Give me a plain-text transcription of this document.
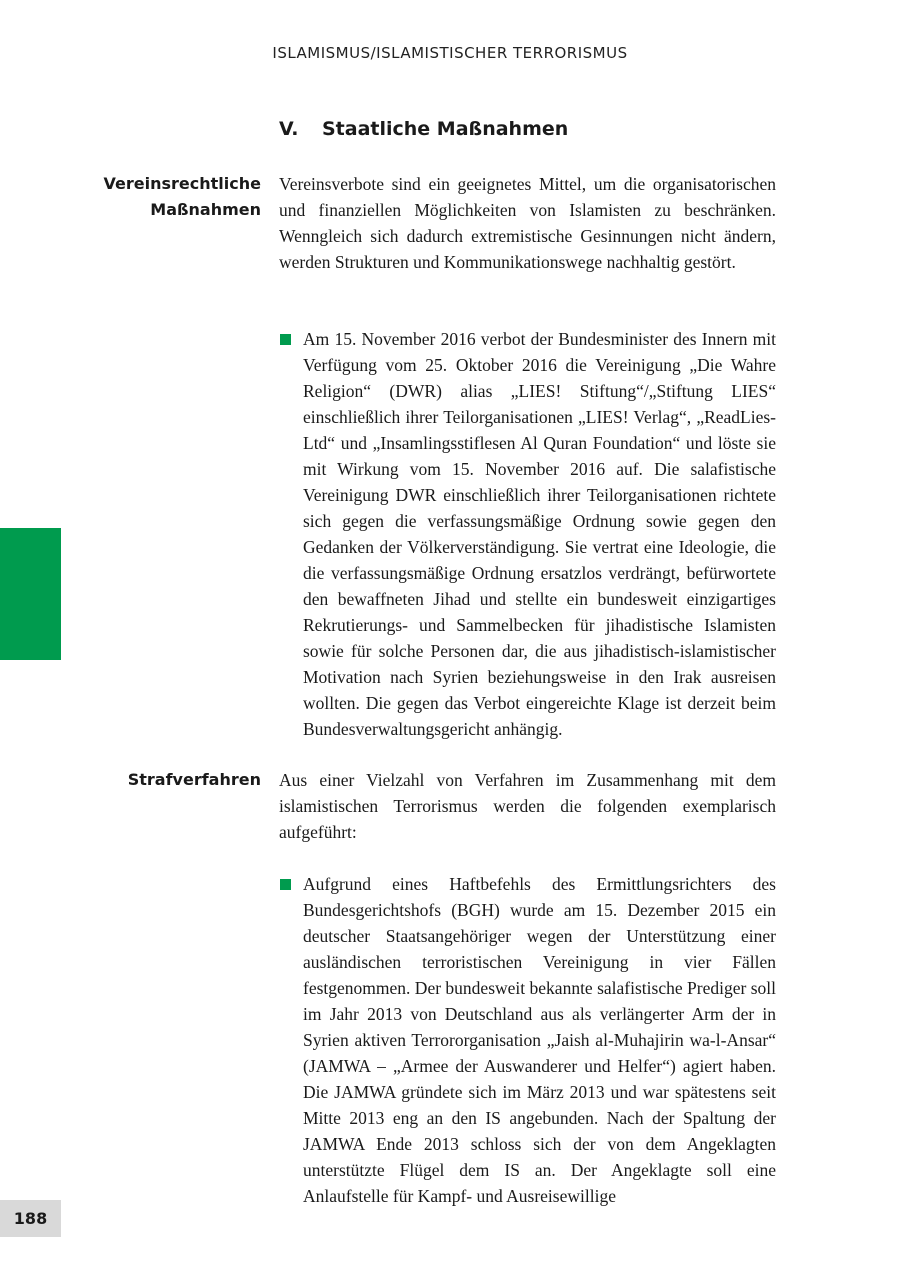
ISLAMISMUS/ISLAMISTISCHER TERRORISMUS
V. Staatliche Maßnahmen
Vereinsrechtliche
Maßnahmen

Vereinsverbote sind ein geeignetes Mittel, um die organisatorischen und finanziellen Möglichkeiten von Islamisten zu beschränken. Wenngleich sich dadurch extremistische Gesinnungen nicht ändern, werden Strukturen und Kommunikationswege nachhaltig gestört.

Am 15. November 2016 verbot der Bundesminister des Innern mit Verfügung vom 25. Oktober 2016 die Vereinigung „Die Wahre Religion“ (DWR) alias „LIES! Stiftung“/„Stiftung LIES“ einschließlich ihrer Teilorganisationen „LIES! Verlag“, „ReadLies-Ltd“ und „Insamlingsstiflesen Al Quran Foundation“ und löste sie mit Wirkung vom 15. November 2016 auf. Die salafistische Vereinigung DWR einschließlich ihrer Teilorganisationen richtete sich gegen die verfassungsmäßige Ordnung sowie gegen den Gedanken der Völkerverständigung. Sie vertrat eine Ideologie, die die verfassungsmäßige Ordnung ersatzlos verdrängt, befürwortete den bewaffneten Jihad und stellte ein bundesweit einzigartiges Rekrutierungs- und Sammelbecken für jihadistische Islamisten sowie für solche Personen dar, die aus jihadistisch-islamistischer Motivation nach Syrien beziehungsweise in den Irak ausreisen wollten. Die gegen das Verbot eingereichte Klage ist derzeit beim Bundesverwaltungsgericht anhängig.
Strafverfahren Aus einer Vielzahl von Verfahren im Zusammenhang mit dem islamistischen Terrorismus werden die folgenden exemplarisch aufgeführt:

Aufgrund eines Haftbefehls des Ermittlungsrichters des Bundesgerichtshofs (BGH) wurde am 15. Dezember 2015 ein deutscher Staatsangehöriger wegen der Unterstützung einer ausländischen terroristischen Vereinigung in vier Fällen festgenommen. Der bundesweit bekannte salafistische Prediger soll im Jahr 2013 von Deutschland aus als verlängerter Arm der in Syrien aktiven Terrororganisation „Jaish al-Muhajirin wa-l-Ansar“ (JAMWA – „Armee der Auswanderer und Helfer“) agiert haben. Die JAMWA gründete sich im März 2013 und war spätestens seit Mitte 2013 eng an den IS angebunden. Nach der Spaltung der JAMWA Ende 2013 schloss sich der von dem Angeklagten unterstützte Flügel dem IS an. Der Angeklagte soll eine Anlaufstelle für Kampf- und Ausreisewillige
188
